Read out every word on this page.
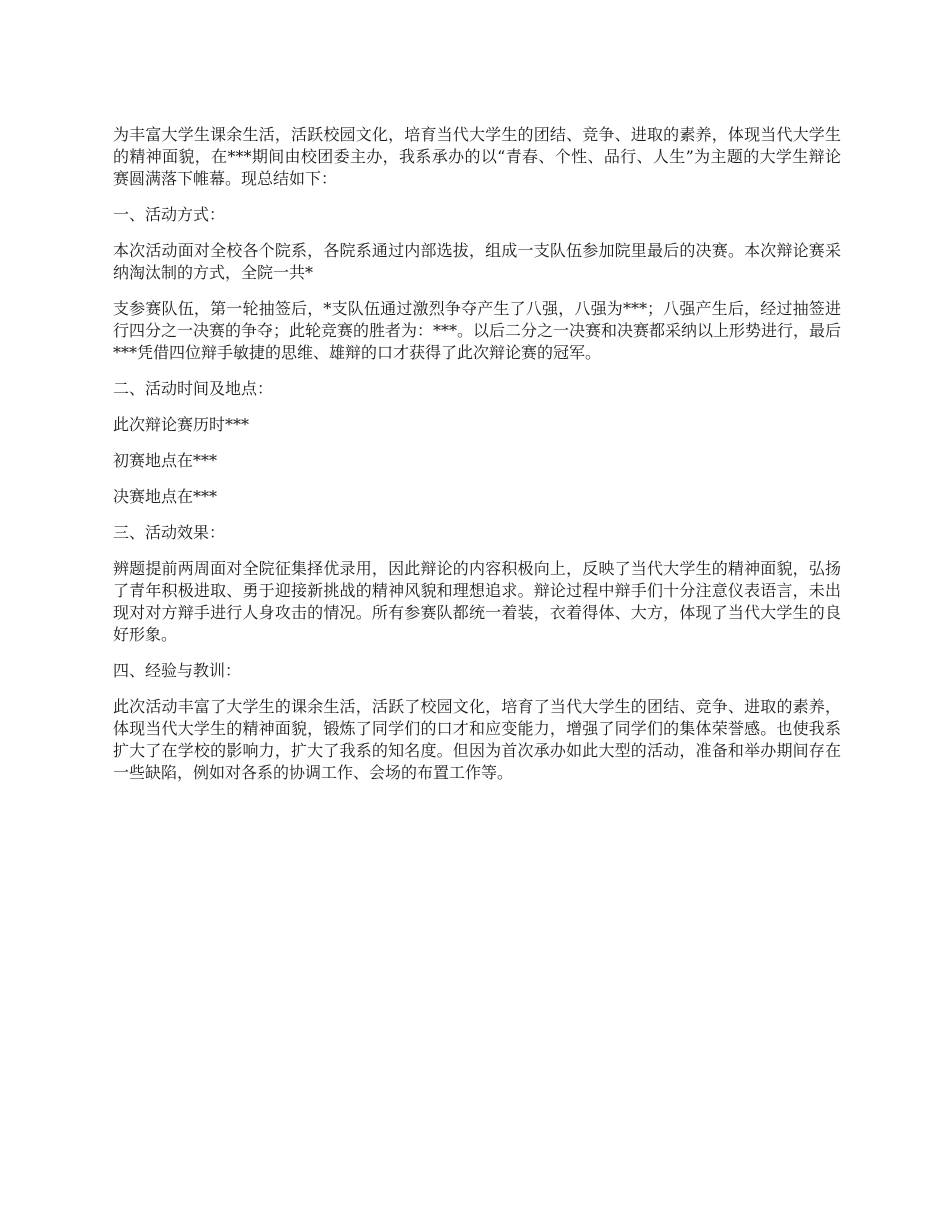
为丰富大学生课余生活，活跃校园文化，培育当代大学生的团结、竞争、进取的素养，体现当代大学生的精神面貌，在***期间由校团委主办，我系承办的以“青春、个性、品行、人生”为主题的大学生辩论赛圆满落下帷幕。现总结如下：

一、活动方式：

本次活动面对全校各个院系，各院系通过内部选拔，组成一支队伍参加院里最后的决赛。本次辩论赛采纳淘汰制的方式，全院一共*

支参赛队伍，第一轮抽签后，*支队伍通过激烈争夺产生了八强，八强为***；八强产生后，经过抽签进行四分之一决赛的争夺；此轮竞赛的胜者为：***。以后二分之一决赛和决赛都采纳以上形势进行，最后***凭借四位辩手敏捷的思维、雄辩的口才获得了此次辩论赛的冠军。

二、活动时间及地点：

此次辩论赛历时***

初赛地点在***

决赛地点在***

三、活动效果：

辨题提前两周面对全院征集择优录用，因此辩论的内容积极向上，反映了当代大学生的精神面貌，弘扬了青年积极进取、勇于迎接新挑战的精神风貌和理想追求。辩论过程中辩手们十分注意仪表语言，未出现对对方辩手进行人身攻击的情况。所有参赛队都统一着装，衣着得体、大方，体现了当代大学生的良好形象。

四、经验与教训：

此次活动丰富了大学生的课余生活，活跃了校园文化，培育了当代大学生的团结、竞争、进取的素养，体现当代大学生的精神面貌，锻炼了同学们的口才和应变能力，增强了同学们的集体荣誉感。也使我系扩大了在学校的影响力，扩大了我系的知名度。但因为首次承办如此大型的活动，准备和举办期间存在一些缺陷，例如对各系的协调工作、会场的布置工作等。
